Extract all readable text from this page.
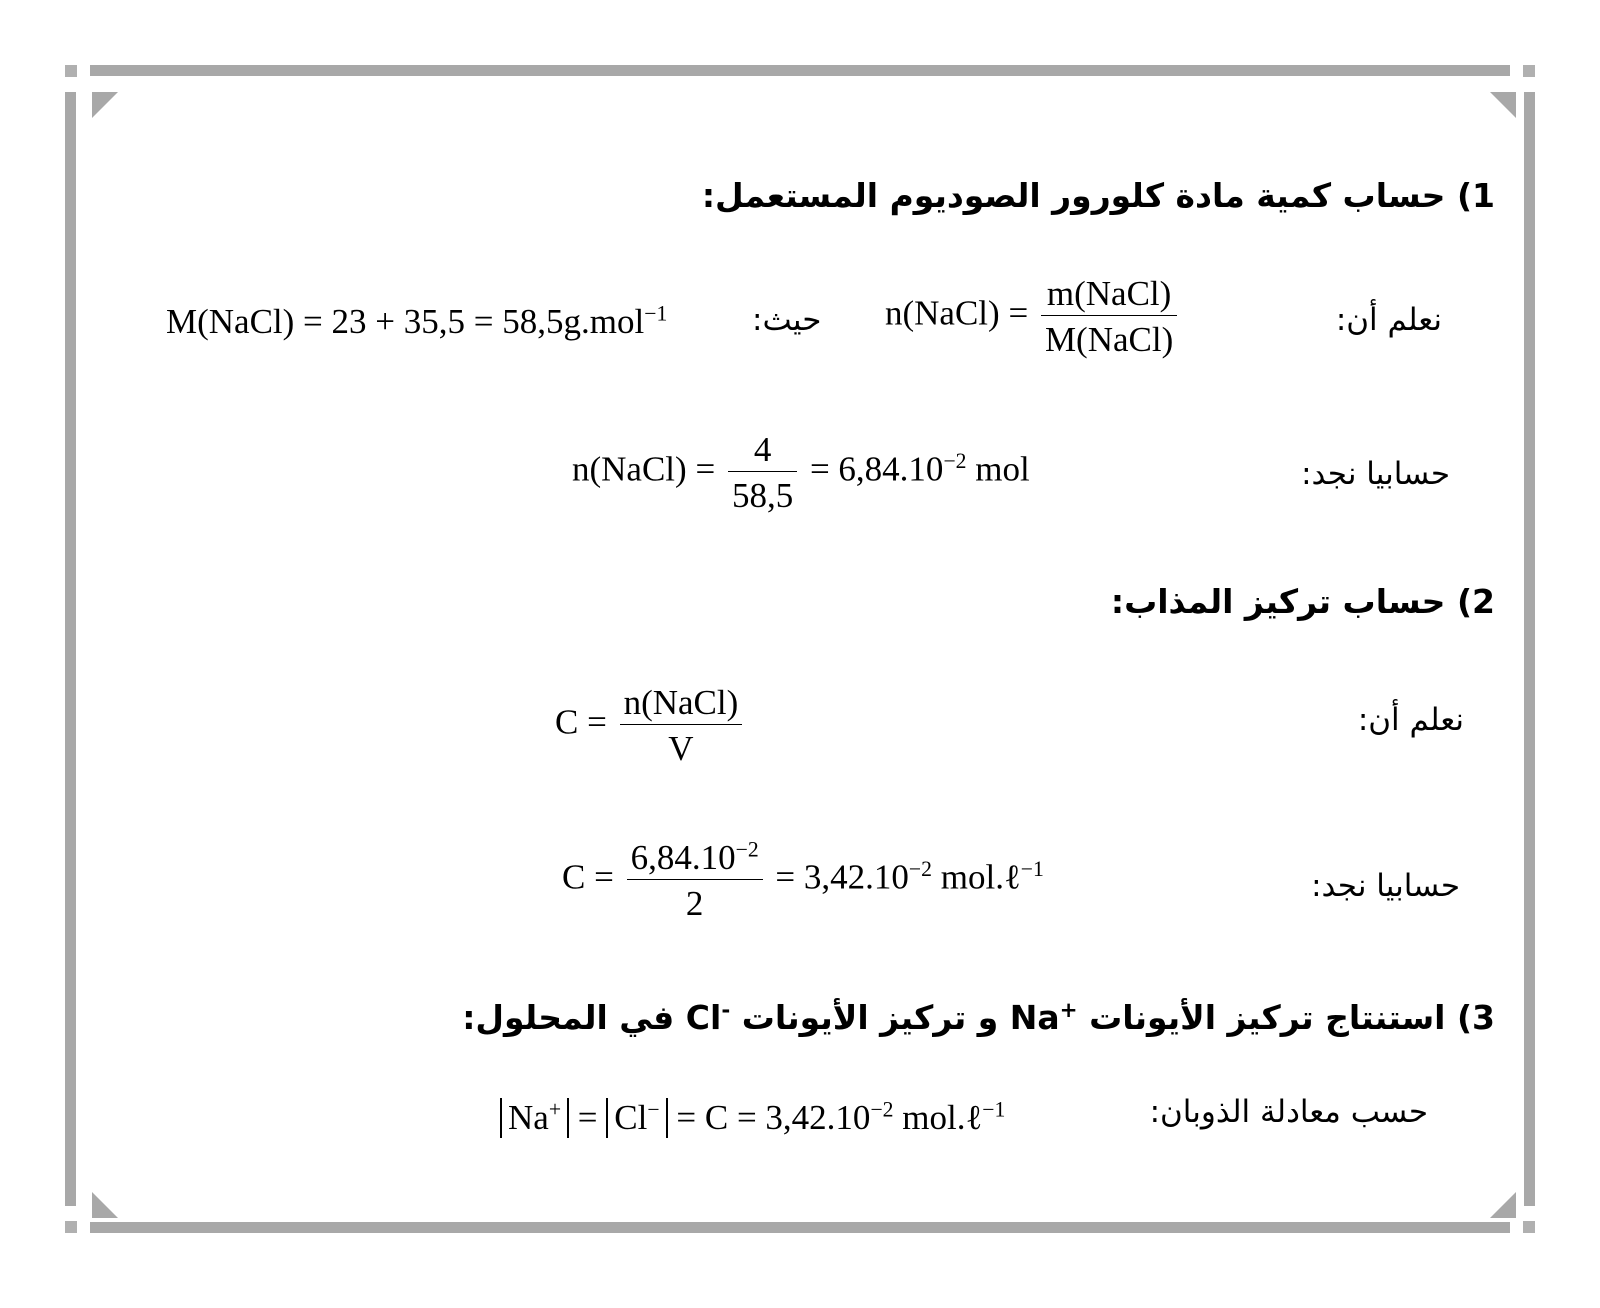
1) حساب كمية مادة كلورور الصوديوم المستعمل:
نعلم أن:
n(NaCl) = $\frac{\text{m(NaCl)}}{\text{M(NaCl)}}$
حيث:
M(NaCl) = 23 + 35,5 = 58,5g.mol$^{-1}$
حسابيا نجد:
n(NaCl) = $\frac{4}{58,5} = 6,84.10^{-2}$ mol
2) حساب تركيز المذاب:
نعلم أن:
$C = \frac{\text{n(NaCl)}}{V}$
حسابيا نجد:
$C = \frac{6,84.10^{-2}}{2} = 3,42.10^{-2}$ mol.ℓ$^{-1}$
3) استنتاج تركيز الأيونات Na+ و تركيز الأيونات Cl- في المحلول:
حسب معادلة الذوبان:
$Na^+ = Cl^- = C = 3,42.10^{-2}$ mol.ℓ$^{-1}$
